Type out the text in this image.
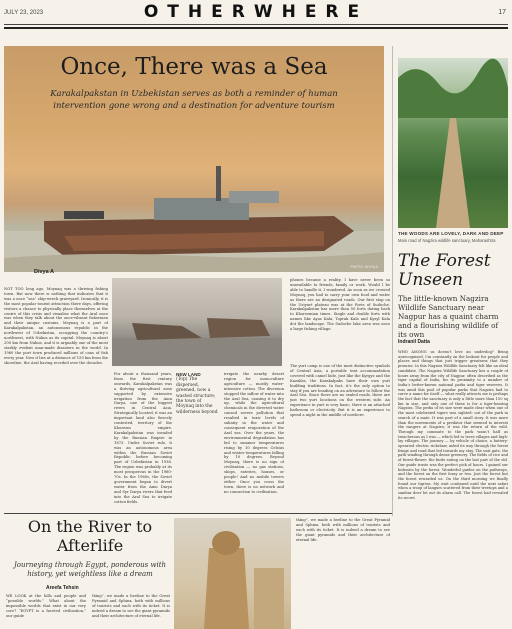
JULY 23, 2023	OTHERWHERE	17
Once, There was a Sea
Karakalpakstan in Uzbekistan serves as both a reminder of human intervention gone wrong and a destination for adventure tourism
PHOTO: DIVYA A
Divya A
NOT TOO long ago, Moynaq was a thriving fishing town. But now there is nothing that indicates that it was a once “sea” ship-wreck graveyard. Ironically, it is the most popular tourist attraction there days, offering visitors a chance to physically place themselves at the centre of this crisis and visualise what the Aral once was when they talk about the once-vibrant fishermen and their unique customs. Moynaq is a part of Karakalpakstan, an autonomous republic in the northwest of Uzbekistan, occupying the country’s northwest, with Nukus as its capital. Moynaq is about 200 km from Nukus, and it is arguably one of the most starkly evident man-made disasters in the world. In 1960 the port town produced millions of cans of fish every year. Now it lies at a distance of 150 km from the shoreline, the Aral having receded over the decades.
For about a thousand years, from the first century onwards, Karakalpakstan was a thriving agricultural zone supported by extensive irrigation from the Amu Darya, one of the biggest rivers in Central Asia. Strategically located, it was an important land also fiercely contested, territory of the Khorezm empire. Karakalpakstan was invaded by the Russian Empire in 1873. Under Soviet rule, it was an autonomous area within the Russian Soviet Republic before becoming part of Uzbekistan in 1936. The region was probably at its most prosperous in the 1960-70s. In the 1960s, the Soviet government began to divert water from the Amu Darya and Syr Darya rivers that feed into the Aral Sea to irrigate cotton fields.
NEW LAND
(Top) The dispersed, greened, now a wasted structure; the town of Moynaq into the wilderness beyond
irrigate the nearby desert region for monoculture agriculture — mostly water-intensive cotton. The diversion stopped the inflow of water into the Aral Sea, causing it to dry up, while the agricultural chemicals in the diverted water caused severe pollution that resulted in toxic levels of salinity in the water and consequent evaporation of the Aral sea. Over the years, the environmental degradation has led to summer temperatures rising by 10 degrees Celsius and winter temperatures falling by 10 degrees. Beyond Moynaq, there is no sign of civilisation — no gas stations, shops, eateries, houses, or people! And no mobile towers either. Once you cross the town, there is no network and no connection to civilisation.
phones became a reality. I have never been so unavailable to friends, family or work. Would I be able to handle it, I wondered. As soon as we crossed Moynaq, you had to carry your own food and water as there are no designated roads. Our first stop on the Ustyurt plateau was at the Forts of Sudoche. Karakalpakstan has more than 50 forts dating back to Khorezmian times. Single and double forts with names like Ayaz Kala, Toprak Kala and Kyzyl Kala dot the landscape. The Sudoche lake area was once a large fishing village.
The yurt camp is one of the most distinctive symbols of Central Asia, a portable tent accommodation covered with camel hide, just like the Kyrgyz and the Kazakhs, the Karakalpaks have their own yurt building traditions. In fact, it’s the only option to stay if you are heading on an adventure to follow the Aral Sea. Since there are no sealed roads, there are just two yurt locations on the western side. An experience in yurt is very basic; there is an attached bathroom or electricity. But it is an experience to spend a night in the middle of nowhere.
THE WOODS ARE LOVELY, DARK AND DEEP
Main road of Nagzira wildlife sanctuary, Maharashtra
The Forest Unseen
The little-known Nagzira Wildlife Sanctuary near Nagpur has a quaint charm and a flourishing wildlife of its own
Indranil Datta
WHO AMONG us doesn’t love an underdog? Being unrecognised, I’m constantly on the lookout for people and places and things that just trigger greatness that they promise. In this Nagzira Wildlife Sanctuary felt like an ideal candidate. The Nagzira Wildlife Sanctuary lies a couple of hours away from the city of Nagpur, often described as the tiger capital of India, for its proximity to a number of India’s better-known national parks and tiger reserves. It was amid this pool of popular parks that Nagzira had to carve a name for itself — what really attracts me is perhaps the fact that the sanctuary is only a little more than 150 sq km in size, and only one of these is for a tiger-bearing Nagzira. The perks of its size were made clear when one of the most celebrated tigers was sighted: out of the park in search of a mate. It was part of a small story. It was more than the movements of a predator that seemed to interest the rangers at Nagzira; it was the return of the wild. Through my commute to the park wasn’t half as treacherous as I was — which led to trees villages and high-lay villages. The journey — by vehicle of choice, a battery-operated electric rickshaw, aided its way through the forest fringe and road that led towards my stay. The unit gate, the path winding through dense greenery. The fields of rice and of forest-flower: the birds eating on the last part of the old. Our guide trusts was the perfect pick of hours. I gained our hideouts by the forest. Wonderful guides on the pathways, and the forest on the first foray or two. Just the forest but the forest rewarded us. On the third morning we finally found our tigress. My wait continued until the next safari when a troop of langurs scattered from their treetops and a sambar deer let out its alarm call. The forest had revealed its secret.
On the River to Afterlife
Journeying through Egypt, ponderous with history, yet weightless like a dream
Areefa Tehsin
WE LOOK at the hills and people and “possible worlds.” What about the impossible worlds that exist in our very core? “EGYPT is a faceted civilisation,” our guide
thing”, we made a beeline to the Great Pyramid and Sphinx, both with millions of tourists and each with its ticket. It is indeed a dream to see the giant pyramids and their architecture of eternal life.
thing”, we made a beeline to the Great Pyramid and Sphinx, both with millions of tourists and each with its ticket. It is indeed a dream to see the giant pyramids and their architecture of eternal life.
